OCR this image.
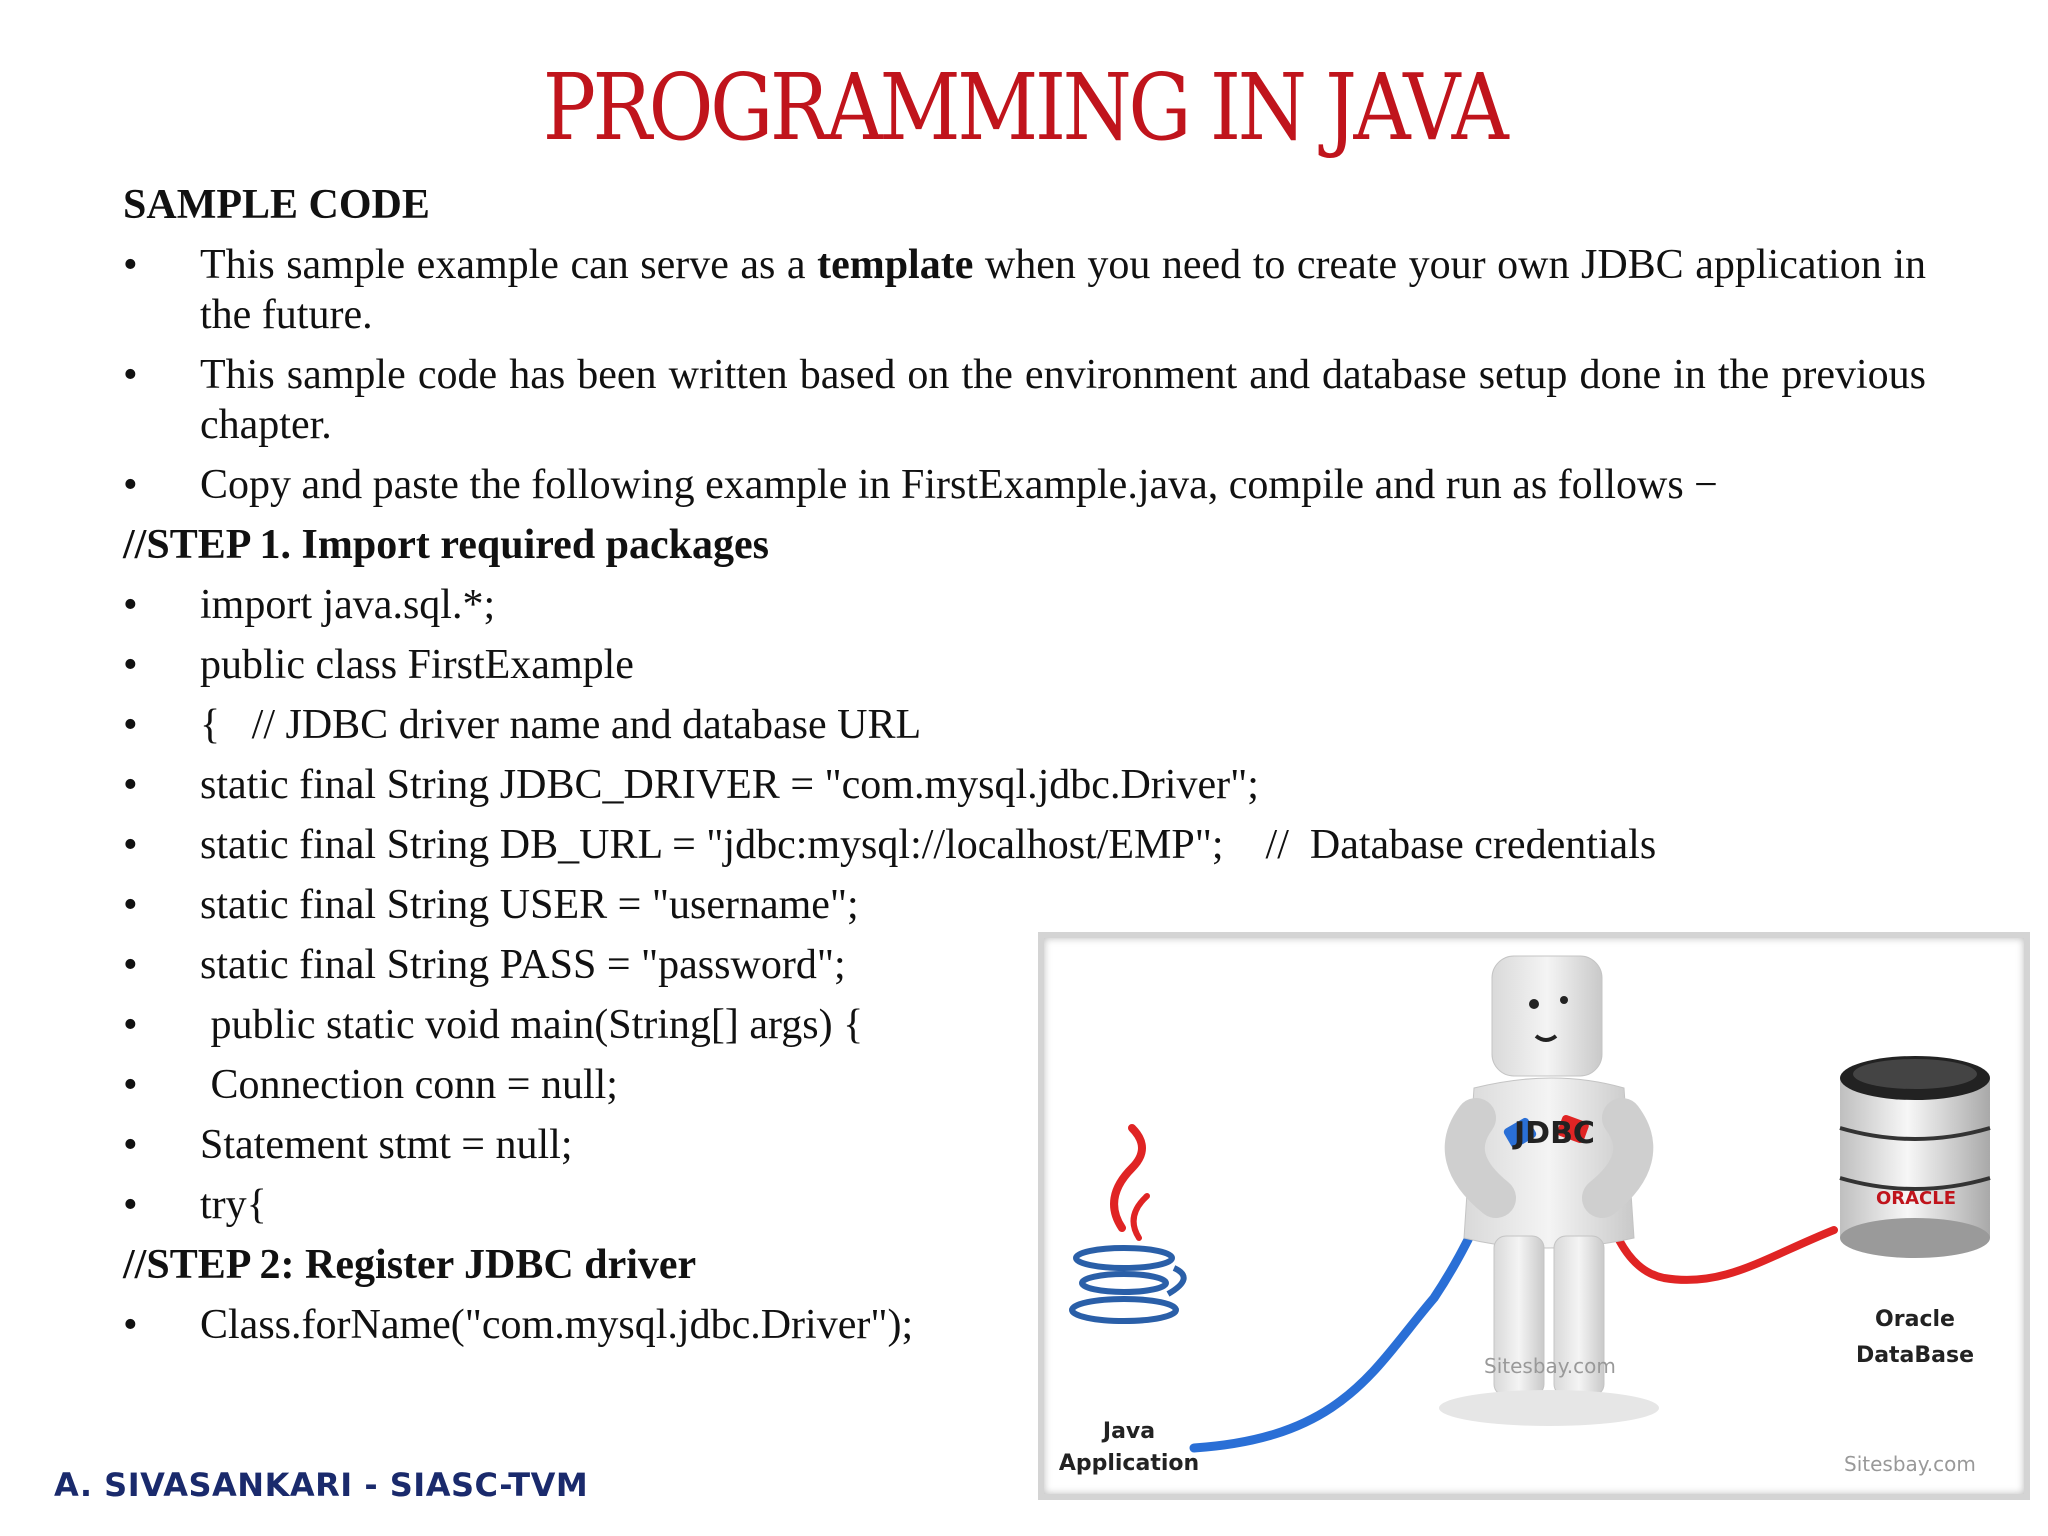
PROGRAMMING IN JAVA
SAMPLE CODE
•	This sample example can serve as a template when you need to create your own JDBC application in the future.
•	This sample code has been written based on the environment and database setup done in the previous chapter.
•	Copy and paste the following example in FirstExample.java, compile and run as follows −
//STEP 1. Import required packages
•	import java.sql.*;
•	public class FirstExample
•	{   // JDBC driver name and database URL
•	static final String JDBC_DRIVER = "com.mysql.jdbc.Driver";
•	static final String DB_URL = "jdbc:mysql://localhost/EMP";    //  Database credentials
•	static final String USER = "username";
•	static final String PASS = "password";
•	public static void main(String[] args) {
•	Connection conn = null;
•	Statement stmt = null;
•	try{
//STEP 2: Register JDBC driver
•	Class.forName("com.mysql.jdbc.Driver");
JDBC
ORACLE
Java
Application
Oracle
DataBase
Sitesbay.com
Sitesbay.com
A. SIVASANKARI - SIASC-TVM
